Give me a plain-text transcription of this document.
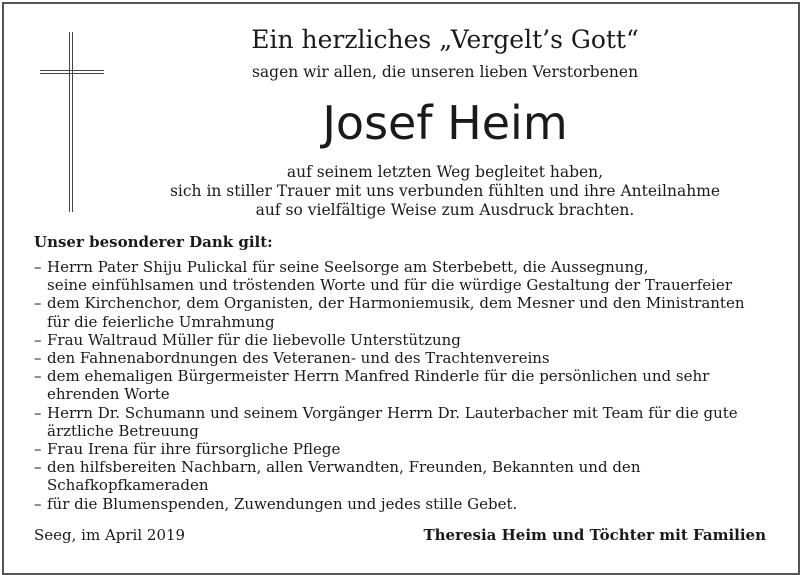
Ein herzliches „Vergelt’s Gott“

sagen wir allen, die unseren lieben Verstorbenen

Josef Heim

auf seinem letzten Weg begleitet haben,
sich in stiller Trauer mit uns verbunden fühlten und ihre Anteilnahme
auf so vielfältige Weise zum Ausdruck brachten.

Unser besonderer Dank gilt:

– Herrn Pater Shiju Pulickal für seine Seelsorge am Sterbebett, die Aussegnung,
seine einfühlsamen und tröstenden Worte und für die würdige Gestaltung der Trauerfeier
– dem Kirchenchor, dem Organisten, der Harmoniemusik, dem Mesner und den Ministranten
für die feierliche Umrahmung
– Frau Waltraud Müller für die liebevolle Unterstützung
– den Fahnenabordnungen des Veteranen- und des Trachtenvereins
– dem ehemaligen Bürgermeister Herrn Manfred Rinderle für die persönlichen und sehr
ehrenden Worte
– Herrn Dr. Schumann und seinem Vorgänger Herrn Dr. Lauterbacher mit Team für die gute
ärztliche Betreuung
– Frau Irena für ihre fürsorgliche Pflege
– den hilfsbereiten Nachbarn, allen Verwandten, Freunden, Bekannten und den
Schafkopfkameraden
– für die Blumenspenden, Zuwendungen und jedes stille Gebet.

Seeg, im April 2019	Theresia Heim und Töchter mit Familien
